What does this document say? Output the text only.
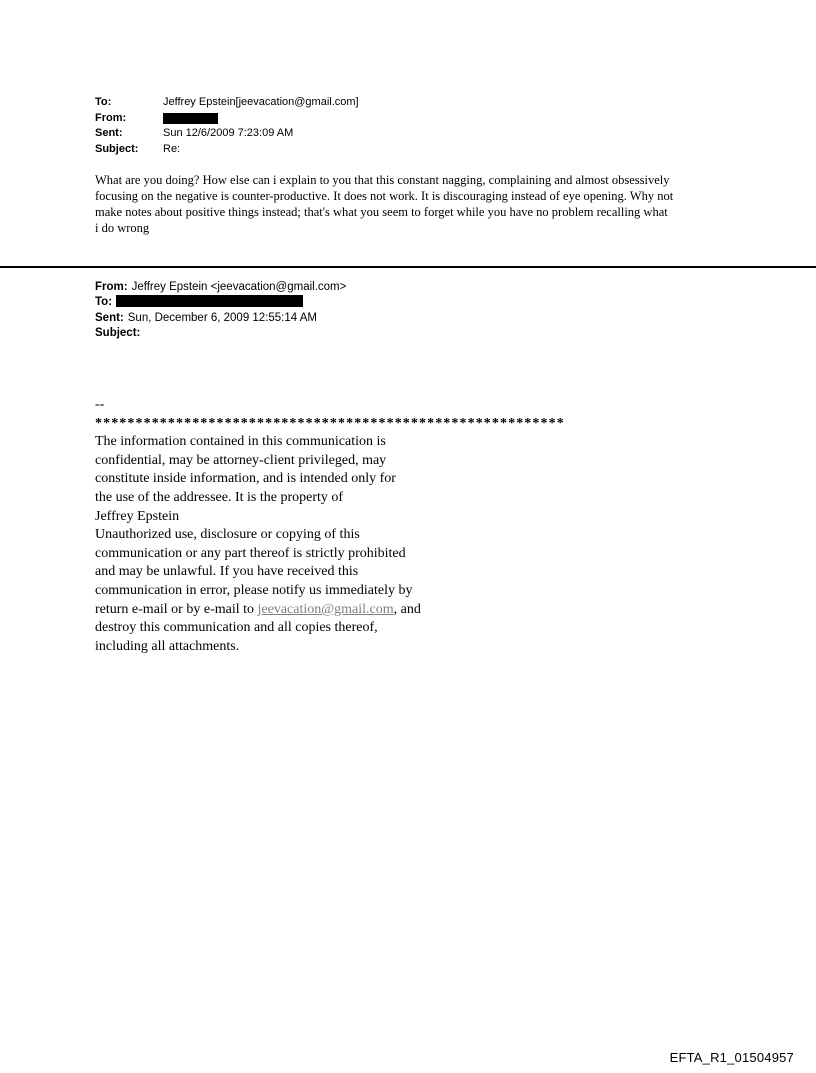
To:	Jeffrey Epstein[jeevacation@gmail.com]
From:
Sent:	Sun 12/6/2009 7:23:09 AM
Subject:	Re:
What are you doing? How else can i explain to you that this constant nagging, complaining and almost obsessively
focusing on the negative is counter-productive. It does not work. It is discouraging instead of eye opening. Why not
make notes about positive things instead; that's what you seem to forget while you have no problem recalling what
i do wrong
From: Jeffrey Epstein <jeevacation@gmail.com>
To:
Sent: Sun, December 6, 2009 12:55:14 AM
Subject:
--
**********************************************************
The information contained in this communication is
confidential, may be attorney-client privileged, may
constitute inside information, and is intended only for
the use of the addressee. It is the property of
Jeffrey Epstein
Unauthorized use, disclosure or copying of this
communication or any part thereof is strictly prohibited
and may be unlawful. If you have received this
communication in error, please notify us immediately by
return e-mail or by e-mail to jeevacation@gmail.com, and
destroy this communication and all copies thereof,
including all attachments.
EFTA_R1_01504957
